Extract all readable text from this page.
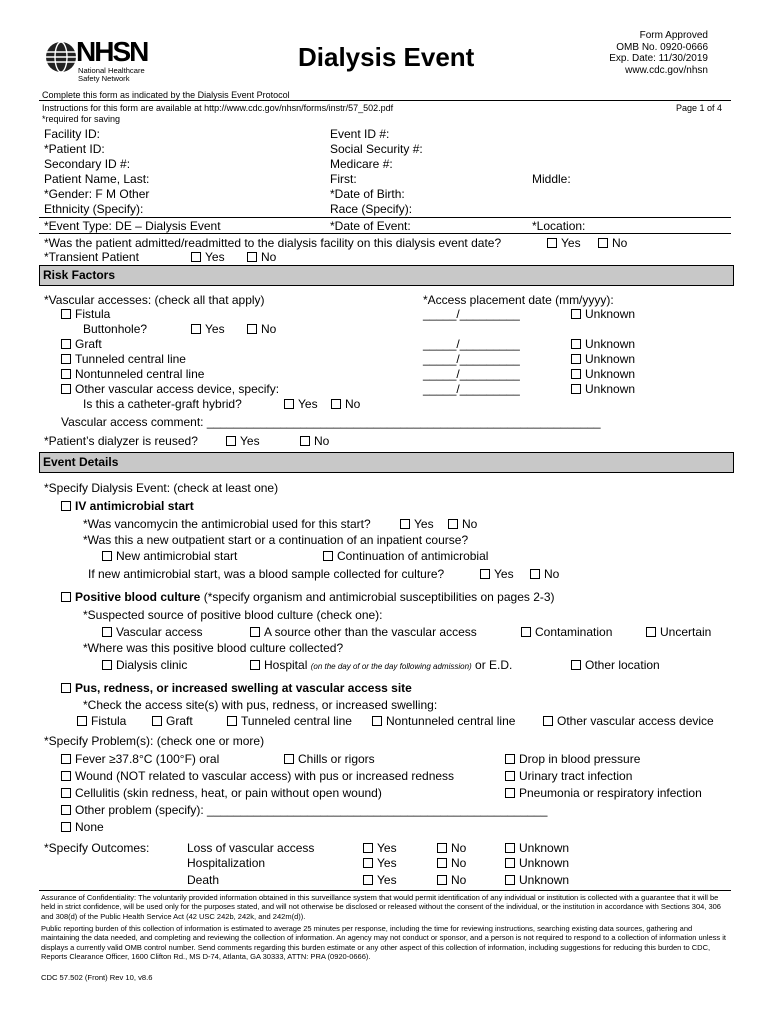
NHSN
National Healthcare
Safety Network
Dialysis Event
Form Approved
OMB No. 0920-0666
Exp. Date: 11/30/2019
www.cdc.gov/nhsn
Complete this form as indicated by the Dialysis Event Protocol
Instructions for this form are available at http://www.cdc.gov/nhsn/forms/instr/57_502.pdf	Page 1 of 4
*required for saving
Facility ID:	Event ID #:
*Patient ID:	Social Security #:
Secondary ID #:	Medicare #:
Patient Name, Last:	First:	Middle:
*Gender: F M Other	*Date of Birth:
Ethnicity (Specify):	Race (Specify):
*Event Type: DE – Dialysis Event	*Date of Event:	*Location:
*Was the patient admitted/readmitted to the dialysis facility on this dialysis event date?	Yes	No
*Transient Patient	Yes	No
Risk Factors
*Vascular accesses: (check all that apply)	*Access placement date (mm/yyyy):
Fistula	_____/_________	Unknown
Buttonhole?	Yes	No
Graft	_____/_________	Unknown
Tunneled central line	_____/_________	Unknown
Nontunneled central line	_____/_________	Unknown
Other vascular access device, specify:	_____/_________	Unknown
Is this a catheter-graft hybrid?	Yes	No
Vascular access comment: ___________________________________________________________
*Patient’s dialyzer is reused?	Yes	No
Event Details
*Specify Dialysis Event: (check at least one)
IV antimicrobial start
*Was vancomycin the antimicrobial used for this start?	Yes	No
*Was this a new outpatient start or a continuation of an inpatient course?
New antimicrobial start	Continuation of antimicrobial
If new antimicrobial start, was a blood sample collected for culture?	Yes	No
Positive blood culture (*specify organism and antimicrobial susceptibilities on pages 2-3)
*Suspected source of positive blood culture (check one):
Vascular access	A source other than the vascular access	Contamination	Uncertain
*Where was this positive blood culture collected?
Dialysis clinic	Hospital (on the day of or the day following admission) or E.D.	Other location
Pus, redness, or increased swelling at vascular access site
*Check the access site(s) with pus, redness, or increased swelling:
Fistula	Graft	Tunneled central line	Nontunneled central line	Other vascular access device
*Specify Problem(s): (check one or more)
Fever ≥37.8°C (100°F) oral	Chills or rigors	Drop in blood pressure
Wound (NOT related to vascular access) with pus or increased redness	Urinary tract infection
Cellulitis (skin redness, heat, or pain without open wound)	Pneumonia or respiratory infection
Other problem (specify): ___________________________________________________
None
*Specify Outcomes:	Loss of vascular access	Yes	No	Unknown
Hospitalization	Yes	No	Unknown
Death	Yes	No	Unknown
Assurance of Confidentiality: The voluntarily provided information obtained in this surveillance system that would permit identification of any individual or institution is collected with a guarantee that it will be held in strict confidence, will be used only for the purposes stated, and will not otherwise be disclosed or released without the consent of the individual, or the institution in accordance with Sections 304, 306 and 308(d) of the Public Health Service Act (42 USC 242b, 242k, and 242m(d)).
Public reporting burden of this collection of information is estimated to average 25 minutes per response, including the time for reviewing instructions, searching existing data sources, gathering and maintaining the data needed, and completing and reviewing the collection of information. An agency may not conduct or sponsor, and a person is not required to respond to a collection of information unless it displays a currently valid OMB control number. Send comments regarding this burden estimate or any other aspect of this collection of information, including suggestions for reducing this burden to CDC, Reports Clearance Officer, 1600 Clifton Rd., MS D-74, Atlanta, GA 30333, ATTN: PRA (0920-0666).
CDC 57.502 (Front) Rev 10, v8.6
